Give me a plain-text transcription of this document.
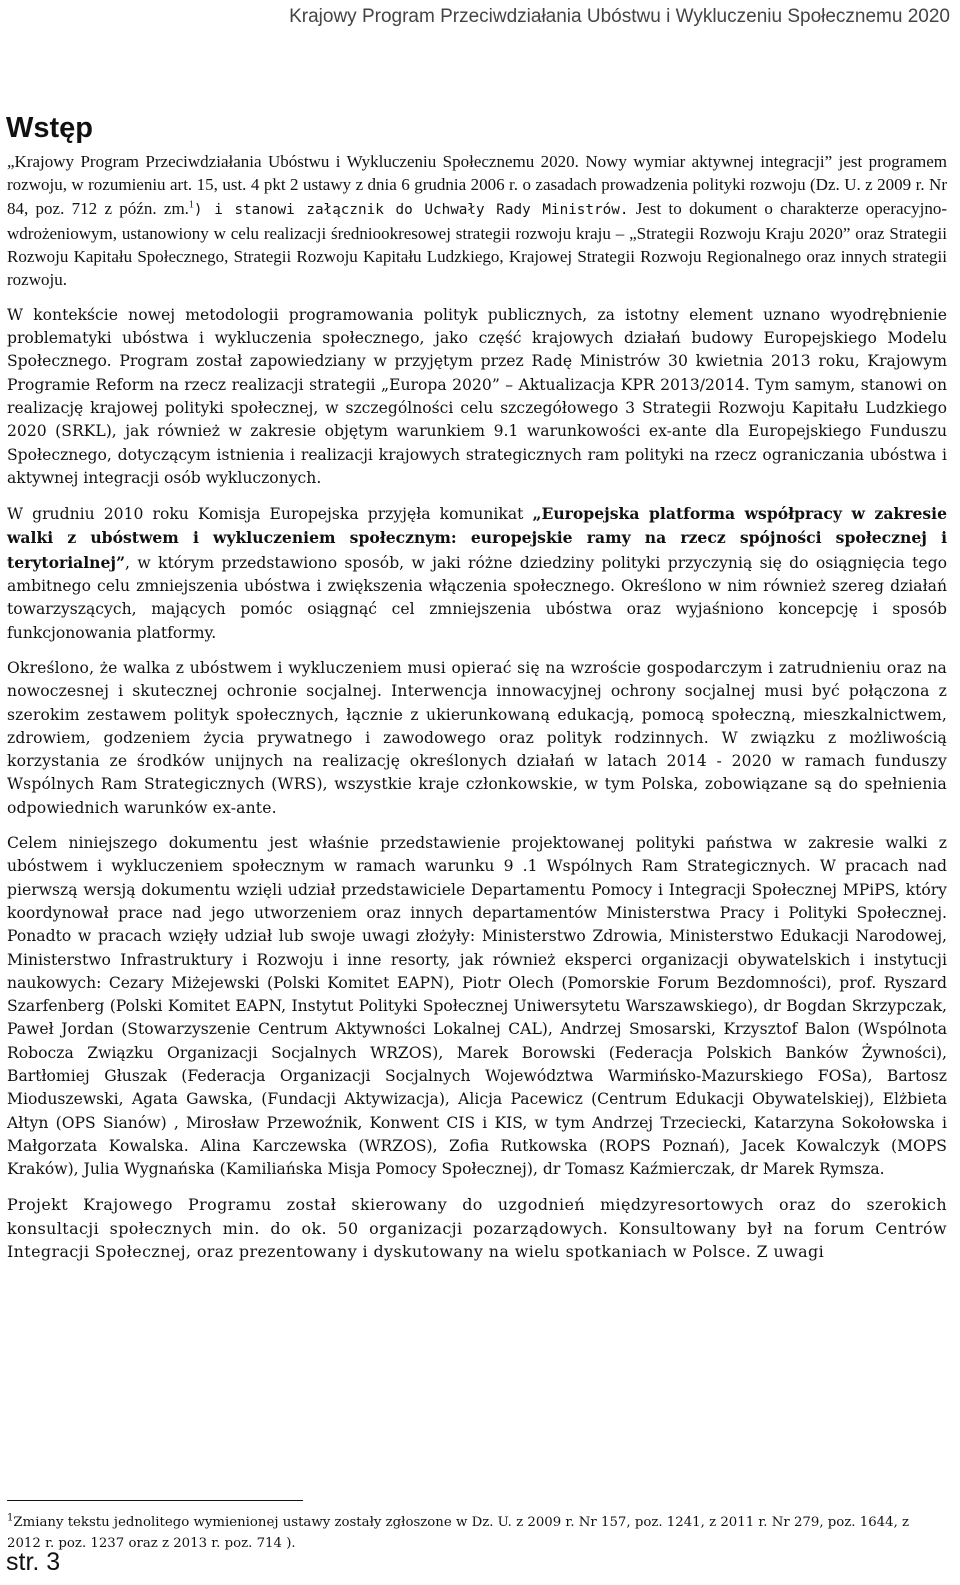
Krajowy Program Przeciwdziałania Ubóstwu i Wykluczeniu Społecznemu 2020
Wstęp

„Krajowy Program Przeciwdziałania Ubóstwu i Wykluczeniu Społecznemu 2020. Nowy wymiar aktywnej integracji” jest programem rozwoju, w rozumieniu art. 15, ust. 4 pkt 2 ustawy z dnia 6 grudnia 2006 r. o zasadach prowadzenia polityki rozwoju (Dz. U. z 2009 r. Nr 84, poz. 712 z późn. zm.$^1$) i stanowi załącznik do Uchwały Rady Ministrów. Jest to dokument o charakterze operacyjno-wdrożeniowym, ustanowiony w celu realizacji średniookresowej strategii rozwoju kraju – „Strategii Rozwoju Kraju 2020” oraz Strategii Rozwoju Kapitału Społecznego, Strategii Rozwoju Kapitału Ludzkiego, Krajowej Strategii Rozwoju Regionalnego oraz innych strategii rozwoju.

W kontekście nowej metodologii programowania polityk publicznych, za istotny element uznano wyodrębnienie problematyki ubóstwa i wykluczenia społecznego, jako część krajowych działań budowy Europejskiego Modelu Społecznego. Program został zapowiedziany w przyjętym przez Radę Ministrów 30 kwietnia 2013 roku, Krajowym Programie Reform na rzecz realizacji strategii „Europa 2020” – Aktualizacja KPR 2013/2014. Tym samym, stanowi on realizację krajowej polityki społecznej, w szczególności celu szczegółowego 3 Strategii Rozwoju Kapitału Ludzkiego 2020 (SRKL), jak również w zakresie objętym warunkiem 9.1 warunkowości ex-ante dla Europejskiego Funduszu Społecznego, dotyczącym istnienia i realizacji krajowych strategicznych ram polityki na rzecz ograniczania ubóstwa i aktywnej integracji osób wykluczonych.

W grudniu 2010 roku Komisja Europejska przyjęła komunikat „Europejska platforma współpracy w zakresie walki z ubóstwem i wykluczeniem społecznym: europejskie ramy na rzecz spójności społecznej i terytorialnej”, w którym przedstawiono sposób, w jaki różne dziedziny polityki przyczynią się do osiągnięcia tego ambitnego celu zmniejszenia ubóstwa i zwiększenia włączenia społecznego. Określono w nim również szereg działań towarzyszących, mających pomóc osiągnąć cel zmniejszenia ubóstwa oraz wyjaśniono koncepcję i sposób funkcjonowania platformy.

Określono, że walka z ubóstwem i wykluczeniem musi opierać się na wzroście gospodarczym i zatrudnieniu oraz na nowoczesnej i skutecznej ochronie socjalnej. Interwencja innowacyjnej ochrony socjalnej musi być połączona z szerokim zestawem polityk społecznych, łącznie z ukierunkowaną edukacją, pomocą społeczną, mieszkalnictwem, zdrowiem, godzeniem życia prywatnego i zawodowego oraz polityk rodzinnych. W związku z możliwością korzystania ze środków unijnych na realizację określonych działań w latach 2014 - 2020 w ramach funduszy Wspólnych Ram Strategicznych (WRS), wszystkie kraje członkowskie, w tym Polska, zobowiązane są do spełnienia odpowiednich warunków ex-ante.

Celem niniejszego dokumentu jest właśnie przedstawienie projektowanej polityki państwa w zakresie walki z ubóstwem i wykluczeniem społecznym w ramach warunku 9 .1 Wspólnych Ram Strategicznych. W pracach nad pierwszą wersją dokumentu wzięli udział przedstawiciele Departamentu Pomocy i Integracji Społecznej MPiPS, który koordynował prace nad jego utworzeniem oraz innych departamentów Ministerstwa Pracy i Polityki Społecznej. Ponadto w pracach wzięły udział lub swoje uwagi złożyły: Ministerstwo Zdrowia, Ministerstwo Edukacji Narodowej, Ministerstwo Infrastruktury i Rozwoju i inne resorty, jak również eksperci organizacji obywatelskich i instytucji naukowych: Cezary Miżejewski (Polski Komitet EAPN), Piotr Olech (Pomorskie Forum Bezdomności), prof. Ryszard Szarfenberg (Polski Komitet EAPN, Instytut Polityki Społecznej Uniwersytetu Warszawskiego), dr Bogdan Skrzypczak, Paweł Jordan (Stowarzyszenie Centrum Aktywności Lokalnej CAL), Andrzej Smosarski, Krzysztof Balon (Wspólnota Robocza Związku Organizacji Socjalnych WRZOS), Marek Borowski (Federacja Polskich Banków Żywności), Bartłomiej Głuszak (Federacja Organizacji Socjalnych Województwa Warmińsko-Mazurskiego FOSa), Bartosz Mioduszewski, Agata Gawska, (Fundacji Aktywizacja), Alicja Pacewicz (Centrum Edukacji Obywatelskiej), Elżbieta Ałtyn (OPS Sianów) , Mirosław Przewoźnik, Konwent CIS i KIS, w tym Andrzej Trzeciecki, Katarzyna Sokołowska i Małgorzata Kowalska. Alina Karczewska (WRZOS), Zofia Rutkowska (ROPS Poznań), Jacek Kowalczyk (MOPS Kraków), Julia Wygnańska (Kamiliańska Misja Pomocy Społecznej), dr Tomasz Kaźmierczak, dr Marek Rymsza.

Projekt Krajowego Programu został skierowany do uzgodnień międzyresortowych oraz do szerokich konsultacji społecznych min. do ok. 50 organizacji pozarządowych. Konsultowany był na forum Centrów Integracji Społecznej, oraz prezentowany i dyskutowany na wielu spotkaniach w Polsce. Z uwagi

$^1$Zmiany tekstu jednolitego wymienionej ustawy zostały zgłoszone w Dz. U. z 2009 r. Nr 157, poz. 1241, z 2011 r. Nr 279, poz. 1644, z 2012 r. poz. 1237 oraz z 2013 r. poz. 714 ).
str. 3
